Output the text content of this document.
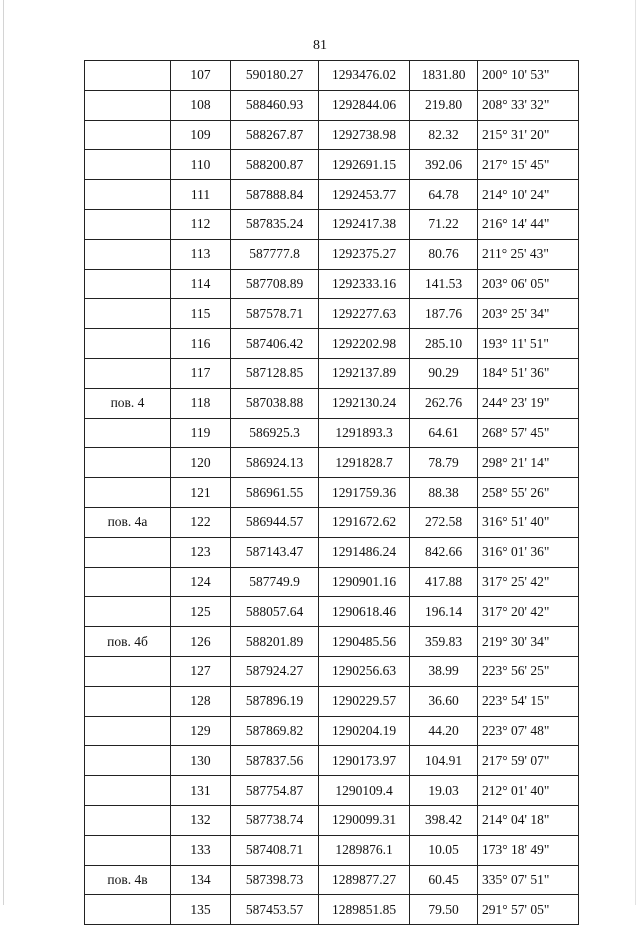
81
	107	590180.27	1293476.02	1831.80	200° 10' 53"
	108	588460.93	1292844.06	219.80	208° 33' 32"
	109	588267.87	1292738.98	82.32	215° 31' 20"
	110	588200.87	1292691.15	392.06	217° 15' 45"
	111	587888.84	1292453.77	64.78	214° 10' 24"
	112	587835.24	1292417.38	71.22	216° 14' 44"
	113	587777.8	1292375.27	80.76	211° 25' 43"
	114	587708.89	1292333.16	141.53	203° 06' 05"
	115	587578.71	1292277.63	187.76	203° 25' 34"
	116	587406.42	1292202.98	285.10	193° 11' 51"
	117	587128.85	1292137.89	90.29	184° 51' 36"
пов. 4	118	587038.88	1292130.24	262.76	244° 23' 19"
	119	586925.3	1291893.3	64.61	268° 57' 45"
	120	586924.13	1291828.7	78.79	298° 21' 14"
	121	586961.55	1291759.36	88.38	258° 55' 26"
пов. 4а	122	586944.57	1291672.62	272.58	316° 51' 40"
	123	587143.47	1291486.24	842.66	316° 01' 36"
	124	587749.9	1290901.16	417.88	317° 25' 42"
	125	588057.64	1290618.46	196.14	317° 20' 42"
пов. 4б	126	588201.89	1290485.56	359.83	219° 30' 34"
	127	587924.27	1290256.63	38.99	223° 56' 25"
	128	587896.19	1290229.57	36.60	223° 54' 15"
	129	587869.82	1290204.19	44.20	223° 07' 48"
	130	587837.56	1290173.97	104.91	217° 59' 07"
	131	587754.87	1290109.4	19.03	212° 01' 40"
	132	587738.74	1290099.31	398.42	214° 04' 18"
	133	587408.71	1289876.1	10.05	173° 18' 49"
пов. 4в	134	587398.73	1289877.27	60.45	335° 07' 51"
	135	587453.57	1289851.85	79.50	291° 57' 05"
